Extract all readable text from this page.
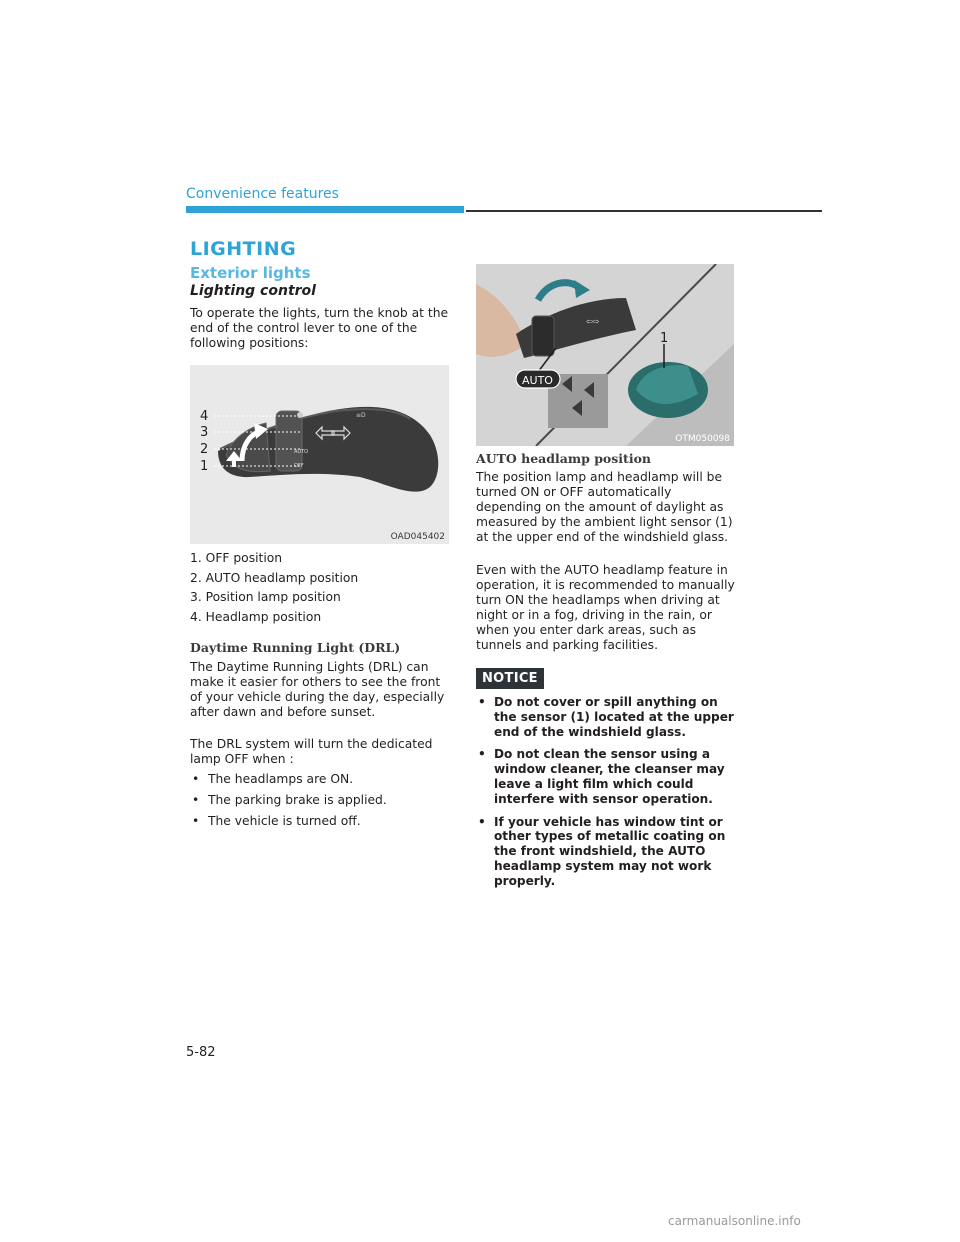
Convenience features
LIGHTING
Exterior lights
Lighting control

To operate the lights, turn the knob at the end of the control lever to one of the following positions:

≡D
AUTO
OFF
4
3
2
1
OAD045402
1. OFF position
2. AUTO headlamp position
3. Position lamp position
4. Headlamp position
Daytime Running Light (DRL)

The Daytime Running Lights (DRL) can make it easier for others to see the front of your vehicle during the day, especially after dawn and before sunset.

The DRL system will turn the dedicated lamp OFF when :

• The headlamps are ON.
• The parking brake is applied.
• The vehicle is turned off.
⇦⇨
1
AUTO
OTM050098
AUTO headlamp position

The position lamp and headlamp will be turned ON or OFF automatically depending on the amount of daylight as measured by the ambient light sensor (1) at the upper end of the windshield glass.

Even with the AUTO headlamp feature in operation, it is recommended to manually turn ON the headlamps when driving at night or in a fog, driving in the rain, or when you enter dark areas, such as tunnels and parking facilities.

NOTICE
• Do not cover or spill anything on the sensor (1) located at the upper end of the windshield glass.
• Do not clean the sensor using a window cleaner, the cleanser may leave a light film which could interfere with sensor operation.
• If your vehicle has window tint or other types of metallic coating on the front windshield, the AUTO headlamp system may not work properly.
5-82
carmanualsonline.info
